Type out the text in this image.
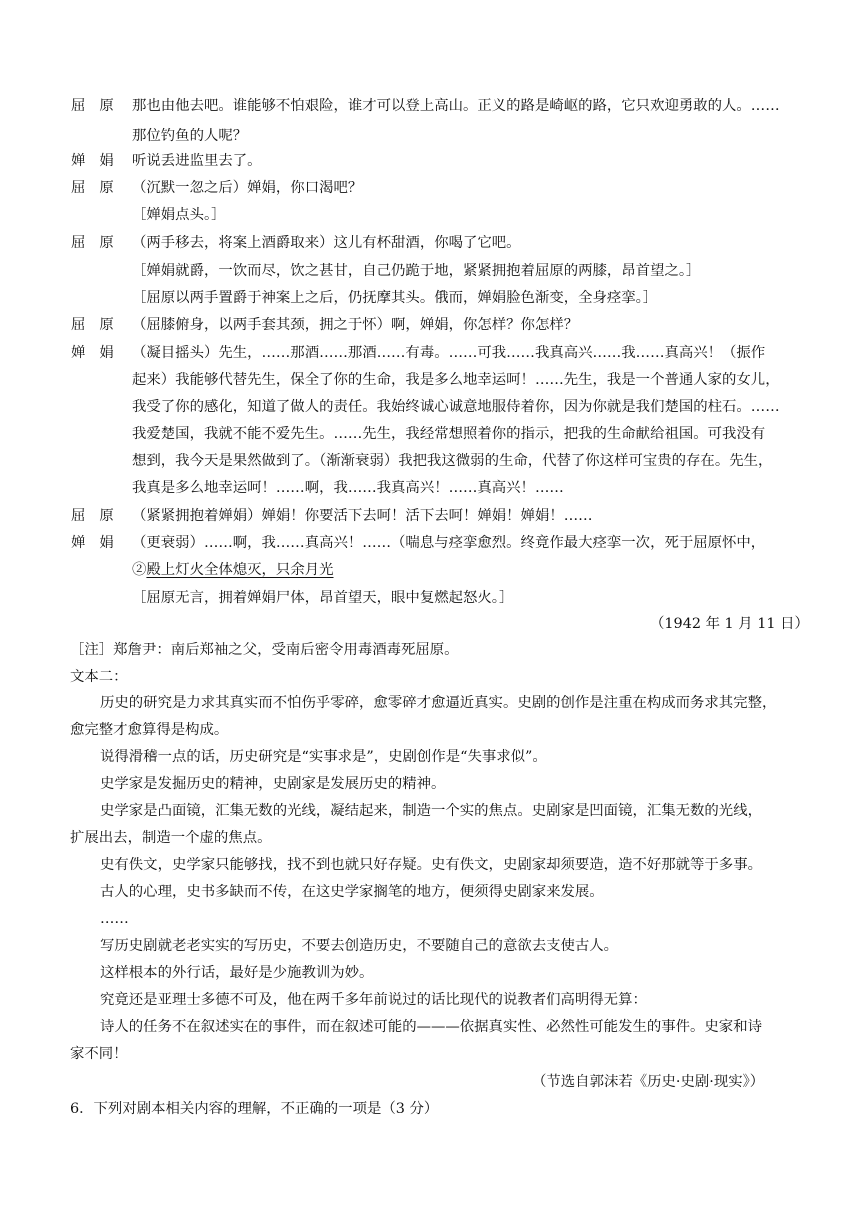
屈原 那也由他去吧。谁能够不怕艰险，谁才可以登上高山。正义的路是崎岖的路，它只欢迎勇敢的人。……
那位钓鱼的人呢？
婵娟 听说丢进监里去了。
屈原 （沉默一忽之后）婵娟，你口渴吧？
［婵娟点头。］
屈原 （两手移去，将案上酒爵取来）这儿有杯甜酒，你喝了它吧。
［婵娟就爵，一饮而尽，饮之甚甘，自己仍跪于地，紧紧拥抱着屈原的两膝，昂首望之。］
［屈原以两手置爵于神案上之后，仍抚摩其头。俄而，婵娟脸色渐变，全身痉挛。］
屈原 （屈膝俯身，以两手套其颈，拥之于怀）啊，婵娟，你怎样？你怎样？
婵娟 （凝目摇头）先生，……那酒……那酒……有毒。……可我……我真高兴……我……真高兴！（振作
起来）我能够代替先生，保全了你的生命，我是多么地幸运呵！……先生，我是一个普通人家的女儿，
我受了你的感化，知道了做人的责任。我始终诚心诚意地服侍着你，因为你就是我们楚国的柱石。……
我爱楚国，我就不能不爱先生。……先生，我经常想照着你的指示，把我的生命献给祖国。可我没有
想到，我今天是果然做到了。（渐渐衰弱）我把我这微弱的生命，代替了你这样可宝贵的存在。先生，
我真是多么地幸运呵！……啊，我……我真高兴！……真高兴！……
屈原 （紧紧拥抱着婵娟）婵娟！你要活下去呵！活下去呵！婵娟！婵娟！……
婵娟 （更衰弱）……啊，我……真高兴！……（喘息与痉挛愈烈。终竟作最大痉挛一次，死于屈原怀中，
②殿上灯火全体熄灭，只余月光
［屈原无言，拥着婵娟尸体，昂首望天，眼中复燃起怒火。］
（1942 年 1 月 11 日）
［注］郑詹尹：南后郑袖之父，受南后密令用毒酒毒死屈原。
文本二：
历史的研究是力求其真实而不怕伤乎零碎，愈零碎才愈逼近真实。史剧的创作是注重在构成而务求其完整，
愈完整才愈算得是构成。
说得滑稽一点的话，历史研究是“实事求是”，史剧创作是“失事求似”。
史学家是发掘历史的精神，史剧家是发展历史的精神。
史学家是凸面镜，汇集无数的光线，凝结起来，制造一个实的焦点。史剧家是凹面镜，汇集无数的光线，
扩展出去，制造一个虚的焦点。
史有佚文，史学家只能够找，找不到也就只好存疑。史有佚文，史剧家却须要造，造不好那就等于多事。
古人的心理，史书多缺而不传，在这史学家搁笔的地方，便须得史剧家来发展。
……
写历史剧就老老实实的写历史，不要去创造历史，不要随自己的意欲去支使古人。
这样根本的外行话，最好是少施教训为妙。
究竟还是亚理士多德不可及，他在两千多年前说过的话比现代的说教者们高明得无算：
诗人的任务不在叙述实在的事件，而在叙述可能的———依据真实性、必然性可能发生的事件。史家和诗
家不同！
（节选自郭沫若《历史·史剧·现实》）
6．下列对剧本相关内容的理解，不正确的一项是（3 分）
